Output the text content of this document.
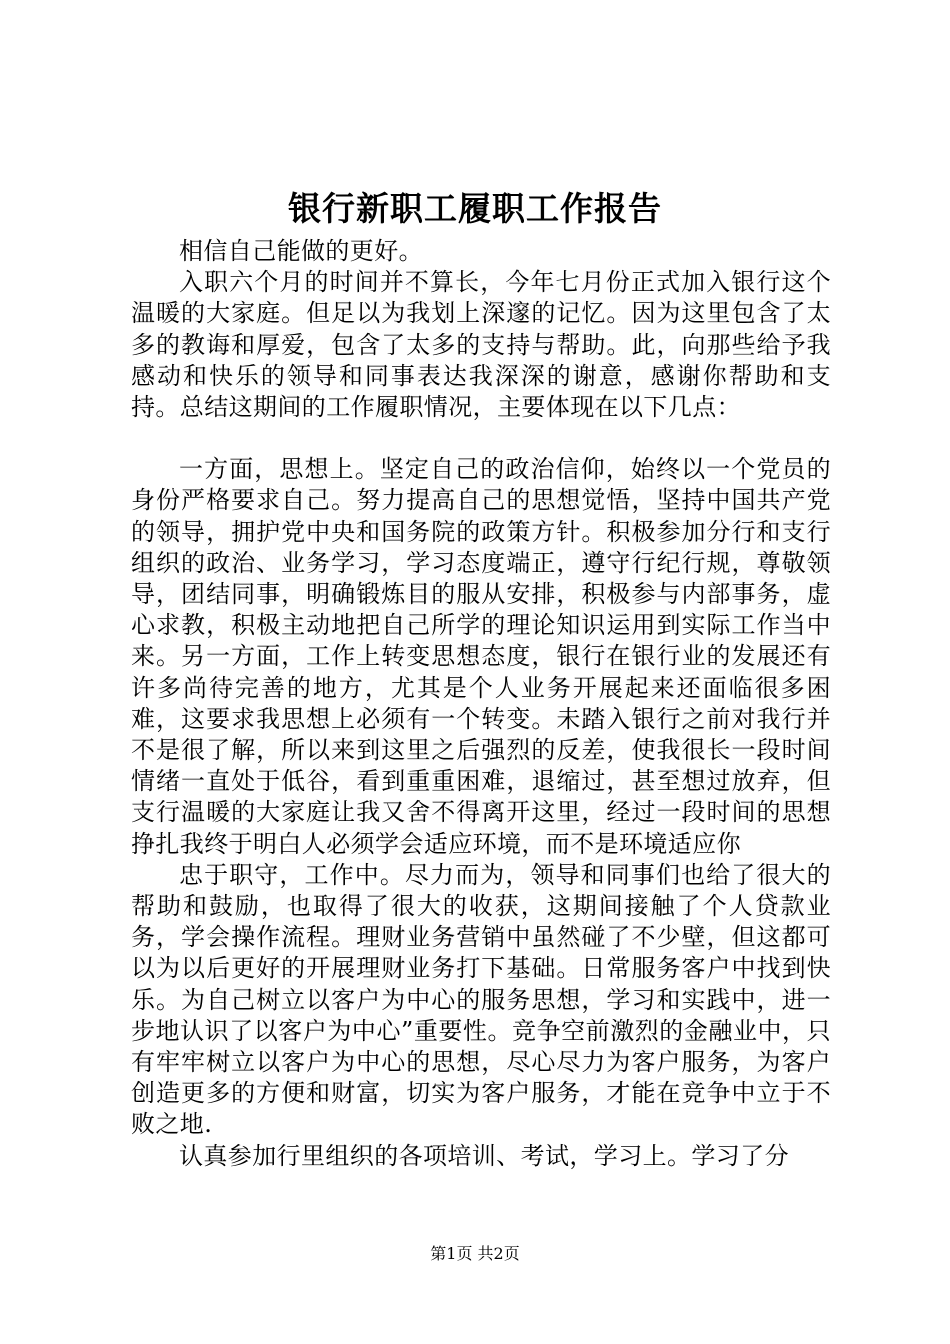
银行新职工履职工作报告

相信自己能做的更好。

入职六个月的时间并不算长，今年七月份正式加入银行这个温暖的大家庭。但足以为我划上深邃的记忆。因为这里包含了太多的教诲和厚爱，包含了太多的支持与帮助。此，向那些给予我感动和快乐的领导和同事表达我深深的谢意，感谢你帮助和支持。总结这期间的工作履职情况，主要体现在以下几点：

一方面，思想上。坚定自己的政治信仰，始终以一个党员的身份严格要求自己。努力提高自己的思想觉悟，坚持中国共产党的领导，拥护党中央和国务院的政策方针。积极参加分行和支行组织的政治、业务学习，学习态度端正，遵守行纪行规，尊敬领导，团结同事，明确锻炼目的服从安排，积极参与内部事务，虚心求教，积极主动地把自己所学的理论知识运用到实际工作当中来。另一方面，工作上转变思想态度，银行在银行业的发展还有许多尚待完善的地方，尤其是个人业务开展起来还面临很多困难，这要求我思想上必须有一个转变。未踏入银行之前对我行并不是很了解，所以来到这里之后强烈的反差，使我很长一段时间情绪一直处于低谷，看到重重困难，退缩过，甚至想过放弃，但支行温暖的大家庭让我又舍不得离开这里，经过一段时间的思想挣扎我终于明白人必须学会适应环境，而不是环境适应你

忠于职守，工作中。尽力而为，领导和同事们也给了很大的帮助和鼓励，也取得了很大的收获，这期间接触了个人贷款业务，学会操作流程。理财业务营销中虽然碰了不少壁，但这都可以为以后更好的开展理财业务打下基础。日常服务客户中找到快乐。为自己树立以客户为中心的服务思想，学习和实践中，进一步地认识了以客户为中心”重要性。竞争空前激烈的金融业中，只有牢牢树立以客户为中心的思想，尽心尽力为客户服务，为客户创造更多的方便和财富，切实为客户服务，才能在竞争中立于不败之地.

认真参加行里组织的各项培训、考试，学习上。学习了分

第1页 共2页
